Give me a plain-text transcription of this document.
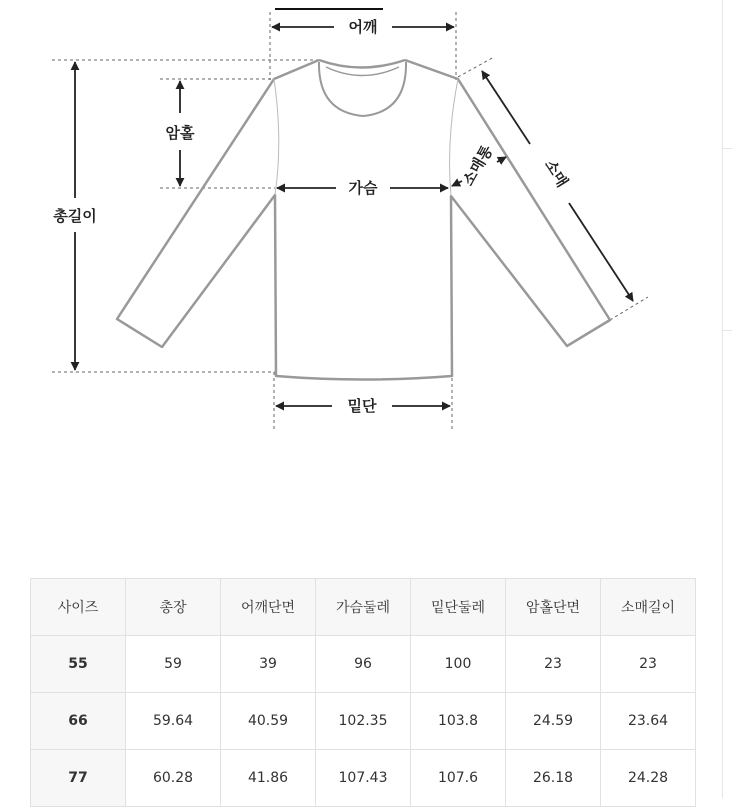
어깨
암홀
총길이
가슴	소매통	소매
밑단
사이즈	총장	어깨단면	가슴둘레	밑단둘레	암홀단면	소매길이
55	59	39	96	100	23	23
66	59.64	40.59	102.35	103.8	24.59	23.64
77	60.28	41.86	107.43	107.6	26.18	24.28
